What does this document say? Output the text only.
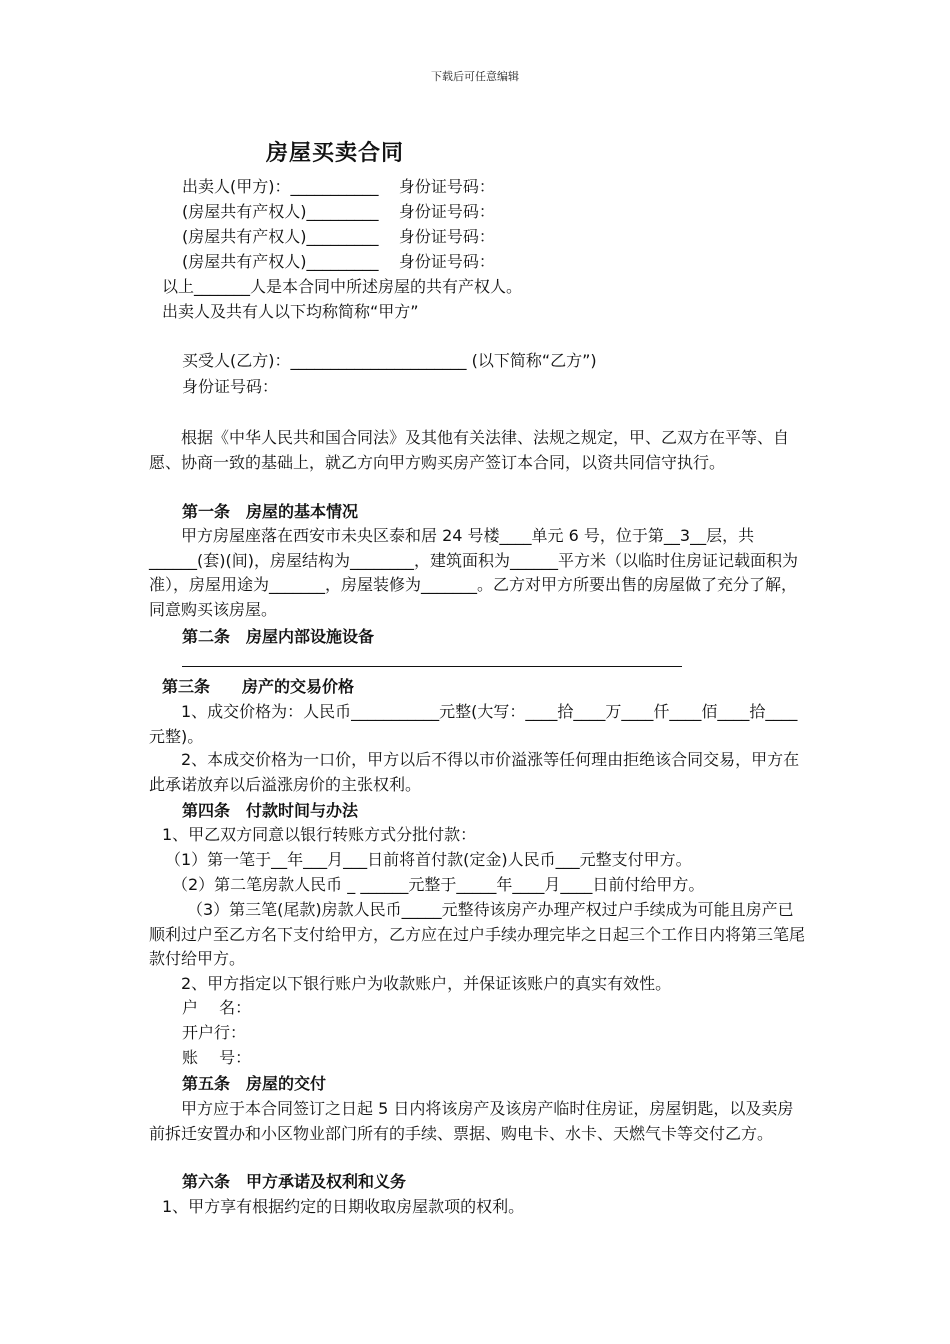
下载后可任意编辑
房屋买卖合同
出卖人(甲方)：___________    身份证号码：
(房屋共有产权人)_________    身份证号码：
(房屋共有产权人)_________    身份证号码：
(房屋共有产权人)_________    身份证号码：
以上_______人是本合同中所述房屋的共有产权人。
出卖人及共有人以下均称简称“甲方”
买受人(乙方)：______________________ (以下简称“乙方”)
身份证号码：
根据《中华人民共和国合同法》及其他有关法律、法规之规定，甲、乙双方在平等、自愿、协商一致的基础上，就乙方向甲方购买房产签订本合同，以资共同信守执行。
第一条　房屋的基本情况
甲方房屋座落在西安市未央区泰和居 24 号楼____单元 6 号，位于第__3__层，共______(套)(间)，房屋结构为________，建筑面积为______平方米（以临时住房证记载面积为准），房屋用途为_______，房屋装修为_______。乙方对甲方所要出售的房屋做了充分了解，同意购买该房屋。
第二条　房屋内部设施设备
第三条　　房产的交易价格
1、成交价格为：人民币___________元整(大写：____拾____万____仟____佰____拾____元整)。
2、本成交价格为一口价，甲方以后不得以市价溢涨等任何理由拒绝该合同交易，甲方在此承诺放弃以后溢涨房价的主张权利。
第四条　付款时间与办法
1、甲乙双方同意以银行转账方式分批付款：
（1）第一笔于__年___月___日前将首付款(定金)人民币___元整支付甲方。
（2）第二笔房款人民币 _ ______元整于_____年____月____日前付给甲方。
（3）第三笔(尾款)房款人民币_____元整待该房产办理产权过户手续成为可能且房产已顺利过户至乙方名下支付给甲方，乙方应在过户手续办理完毕之日起三个工作日内将第三笔尾款付给甲方。
2、甲方指定以下银行账户为收款账户，并保证该账户的真实有效性。
户　 名：
开户行：
账　 号：
第五条　房屋的交付
甲方应于本合同签订之日起 5 日内将该房产及该房产临时住房证，房屋钥匙，以及卖房前拆迁安置办和小区物业部门所有的手续、票据、购电卡、水卡、天燃气卡等交付乙方。
第六条　甲方承诺及权利和义务
1、甲方享有根据约定的日期收取房屋款项的权利。
